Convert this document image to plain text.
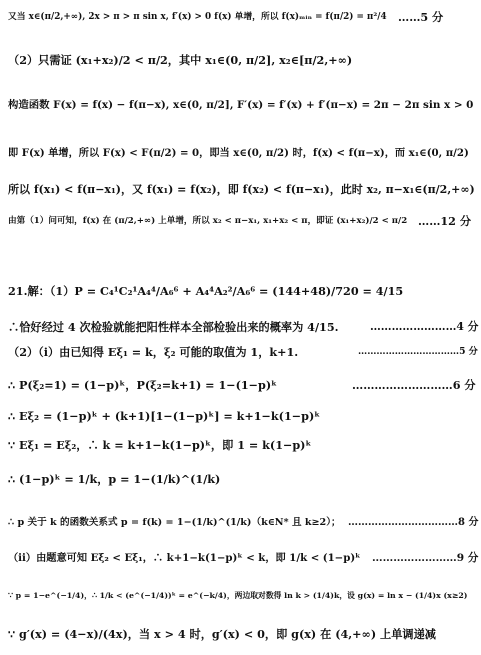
又当 x∈(π/2,+∞), 2x > π > π sin x, f′(x) > 0 f(x) 单增，所以 f(x)ₘᵢₙ = f(π/2) = π²/4 ……5 分
（2）只需证 (x₁+x₂)/2 < π/2，其中 x₁∈(0, π/2], x₂∈[π/2,+∞)
构造函数 F(x) = f(x) − f(π−x), x∈(0, π/2], F′(x) = f′(x) + f′(π−x) = 2π − 2π sin x > 0
即 F(x) 单增，所以 F(x) < F(π/2) = 0，即当 x∈(0, π/2) 时，f(x) < f(π−x)，而 x₁∈(0, π/2)
所以 f(x₁) < f(π−x₁)，又 f(x₁) = f(x₂)，即 f(x₂) < f(π−x₁)，此时 x₂, π−x₁∈(π/2,+∞)
由第（1）问可知，f(x) 在 (π/2,+∞) 上单增，所以 x₂ < π−x₁, x₁+x₂ < π，即证 (x₁+x₂)/2 < π/2 ……12 分
21.解：（1）P = C₄¹C₂¹A₄⁴/A₆⁶ + A₄⁴A₂²/A₆⁶ = (144+48)/720 = 4/15
∴恰好经过 4 次检验就能把阳性样本全部检验出来的概率为 4/15.	……………………4 分
（2）（i）由已知得 Eξ₁ = k，ξ₂ 可能的取值为 1，k+1.	……………………………5 分
∴ P(ξ₂=1) = (1−p)ᵏ，P(ξ₂=k+1) = 1−(1−p)ᵏ	………………………6 分
∴ Eξ₂ = (1−p)ᵏ + (k+1)[1−(1−p)ᵏ] = k+1−k(1−p)ᵏ
∵ Eξ₁ = Eξ₂，∴ k = k+1−k(1−p)ᵏ，即 1 = k(1−p)ᵏ
∴ (1−p)ᵏ = 1/k，p = 1−(1/k)^(1/k)
∴ p 关于 k 的函数关系式 p = f(k) = 1−(1/k)^(1/k)（k∈N* 且 k≥2）； ……………………………8 分
（ii）由题意可知 Eξ₂ < Eξ₁，∴ k+1−k(1−p)ᵏ < k，即 1/k < (1−p)ᵏ ……………………9 分
∵ p = 1−e^(−1/4)，∴ 1/k < (e^(−1/4))ᵏ = e^(−k/4)，两边取对数得 ln k > (1/4)k，设 g(x) = ln x − (1/4)x (x≥2)
∵ g′(x) = (4−x)/(4x)，当 x > 4 时，g′(x) < 0，即 g(x) 在 (4,+∞) 上单调递减
